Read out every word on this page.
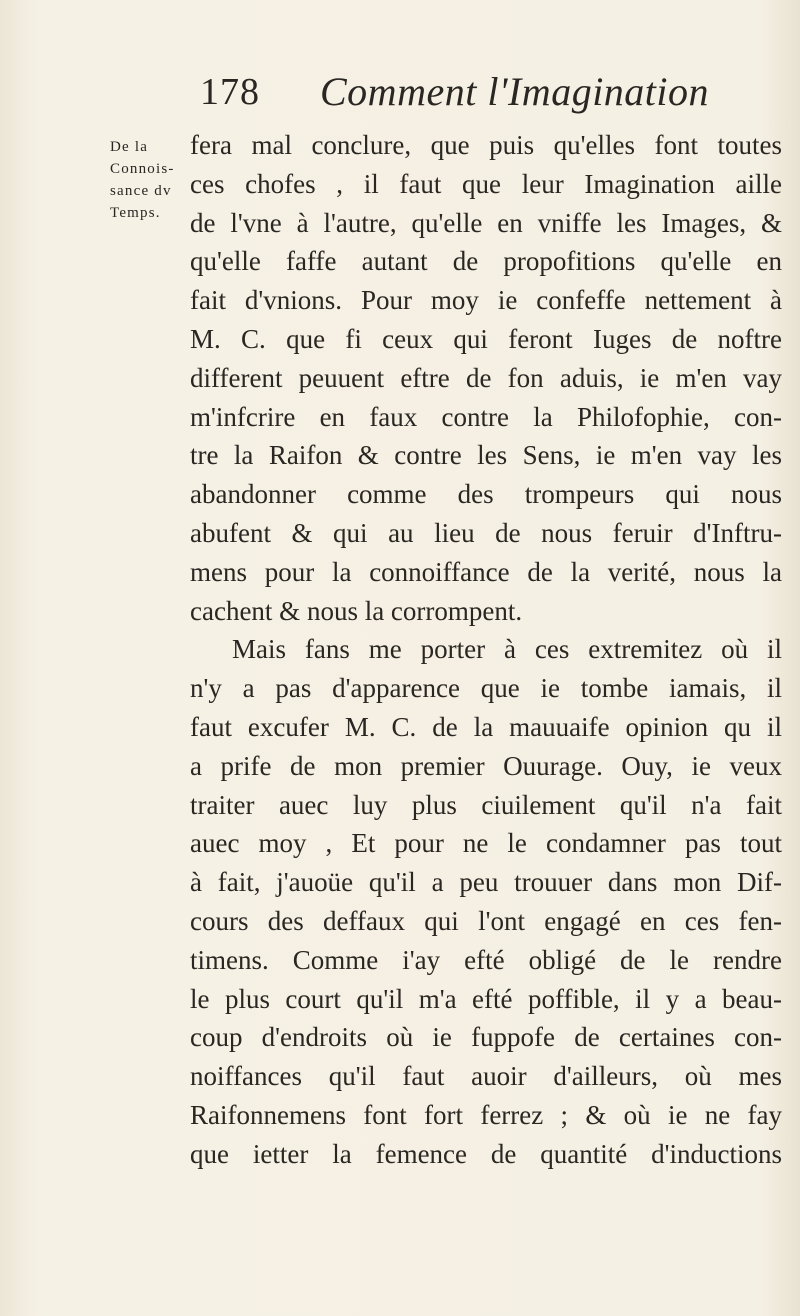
178 Comment l'Imagination
De la
Connois-
sance dv
Temps.
fera mal conclure, que puis qu'elles font toutes
ces chofes , il faut que leur Imagination aille
de l'vne à l'autre, qu'elle en vniffe les Images, &
qu'elle faffe autant de propofitions qu'elle en
fait d'vnions. Pour moy ie confeffe nettement à
M. C. que fi ceux qui feront Iuges de noftre
different peuuent eftre de fon aduis, ie m'en vay
m'infcrire en faux contre la Philofophie, con-
tre la Raifon & contre les Sens, ie m'en vay les
abandonner comme des trompeurs qui nous
abufent & qui au lieu de nous feruir d'Inftru-
mens pour la connoiffance de la verité, nous la
cachent & nous la corrompent.
Mais fans me porter à ces extremitez où il
n'y a pas d'apparence que ie tombe iamais, il
faut excufer M. C. de la mauuaife opinion qu il
a prife de mon premier Ouurage. Ouy, ie veux
traiter auec luy plus ciuilement qu'il n'a fait
auec moy , Et pour ne le condamner pas tout
à fait, j'auoüe qu'il a peu trouuer dans mon Dif-
cours des deffaux qui l'ont engagé en ces fen-
timens. Comme i'ay efté obligé de le rendre
le plus court qu'il m'a efté poffible, il y a beau-
coup d'endroits où ie fuppofe de certaines con-
noiffances qu'il faut auoir d'ailleurs, où mes
Raifonnemens font fort ferrez ; & où ie ne fay
que ietter la femence de quantité d'inductions
